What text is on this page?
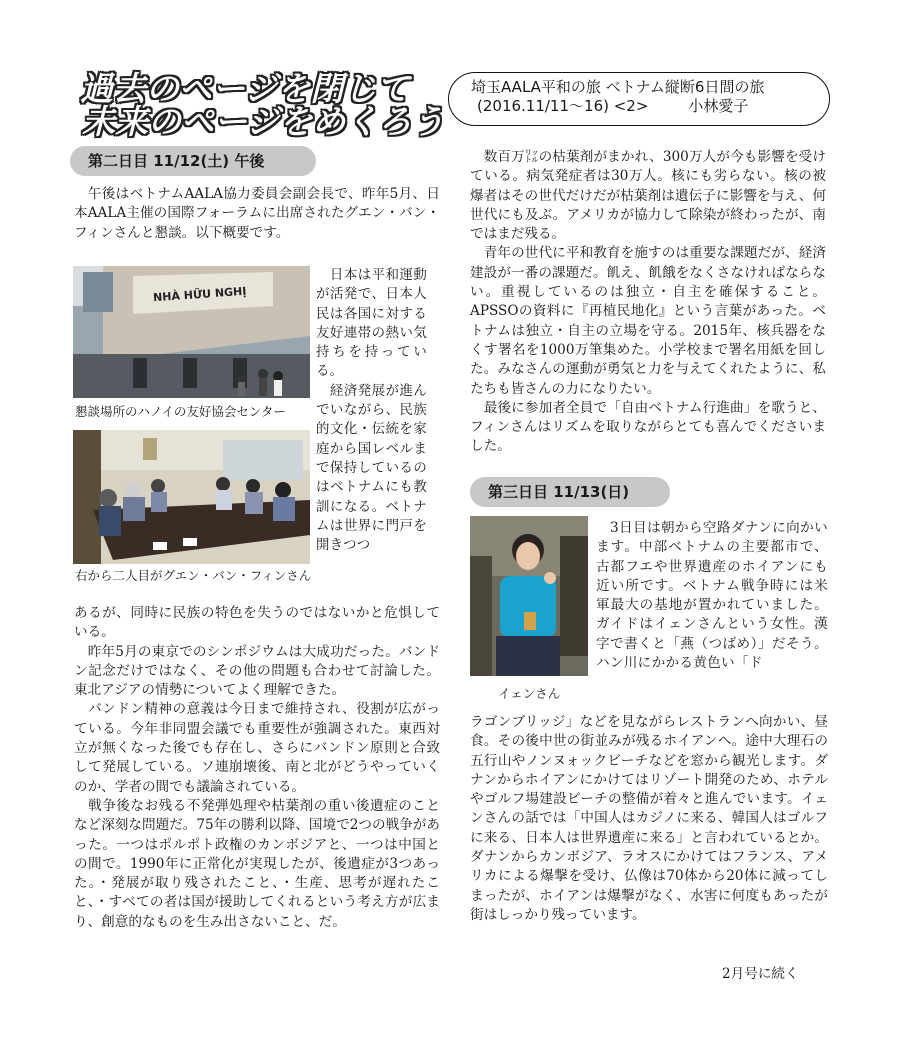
過去のページを閉じて
未来のページをめくろう
埼玉AALA平和の旅 ベトナム縦断6日間の旅
(2016.11/11〜16) <2>	小林愛子
第二日目 11/12(土) 午後
　午後はベトナムAALA協力委員会副会長で、昨年5月、日本AALA主催の国際フォーラムに出席されたグエン・バン・フィンさんと懇談。以下概要です。
NHÀ HỮU NGHỊ
懇談場所のハノイの友好協会センター
右から二人目がグエン・バン・フィンさん
　日本は平和運動が活発で、日本人民は各国に対する友好連帯の熱い気持ちを持っている。
　経済発展が進んでいながら、民族的文化・伝統を家庭から国レベルまで保持しているのはベトナムにも教訓になる。ベトナムは世界に門戸を開きつつ

あるが、同時に民族の特色を失うのではないかと危惧している。

　昨年5月の東京でのシンポジウムは大成功だった。バンドン記念だけではなく、その他の問題も合わせて討論した。東北アジアの情勢についてよく理解できた。

　バンドン精神の意義は今日まで維持され、役割が広がっている。今年非同盟会議でも重要性が強調された。東西対立が無くなった後でも存在し、さらにバンドン原則と合致して発展している。ソ連崩壊後、南と北がどうやっていくのか、学者の間でも議論されている。

　戦争後なお残る不発弾処理や枯葉剤の重い後遺症のことなど深刻な問題だ。75年の勝利以降、国境で2つの戦争があった。一つはポルポト政権のカンボジアと、一つは中国との間で。1990年に正常化が実現したが、後遺症が3つあった。・発展が取り残されたこと、・生産、思考が遅れたこと、・すべての者は国が援助してくれるという考え方が広まり、創意的なものを生み出さないこと、だ。

　数百万㍑の枯葉剤がまかれ、300万人が今も影響を受けている。病気発症者は30万人。核にも劣らない。核の被爆者はその世代だけだが枯葉剤は遺伝子に影響を与え、何世代にも及ぶ。アメリカが協力して除染が終わったが、南ではまだ残る。

　青年の世代に平和教育を施すのは重要な課題だが、経済建設が一番の課題だ。飢え、飢餓をなくさなければならない。重視しているのは独立・自主を確保すること。APSSOの資料に『再植民地化』という言葉があった。ベトナムは独立・自主の立場を守る。2015年、核兵器をなくす署名を1000万筆集めた。小学校まで署名用紙を回した。みなさんの運動が勇気と力を与えてくれたように、私たちも皆さんの力になりたい。

　最後に参加者全員で「自由ベトナム行進曲」を歌うと、フィンさんはリズムを取りながらとても喜んでくださいました。

第三日目 11/13(日)
イェンさん
　3日目は朝から空路ダナンに向かいます。中部ベトナムの主要都市で、古都フエや世界遺産のホイアンにも近い所です。ベトナム戦争時には米軍最大の基地が置かれていました。ガイドはイェンさんという女性。漢字で書くと「燕（つばめ）」だそう。ハン川にかかる黄色い「ド
ラゴンブリッジ」などを見ながらレストランへ向かい、昼食。その後中世の街並みが残るホイアンへ。途中大理石の五行山やノンヌォックビーチなどを窓から観光します。ダナンからホイアンにかけてはリゾート開発のため、ホテルやゴルフ場建設ビーチの整備が着々と進んでいます。イェンさんの話では「中国人はカジノに来る、韓国人はゴルフに来る、日本人は世界遺産に来る」と言われているとか。ダナンからカンボジア、ラオスにかけてはフランス、アメリカによる爆撃を受け、仏像は70体から20体に減ってしまったが、ホイアンは爆撃がなく、水害に何度もあったが街はしっかり残っています。
2月号に続く
